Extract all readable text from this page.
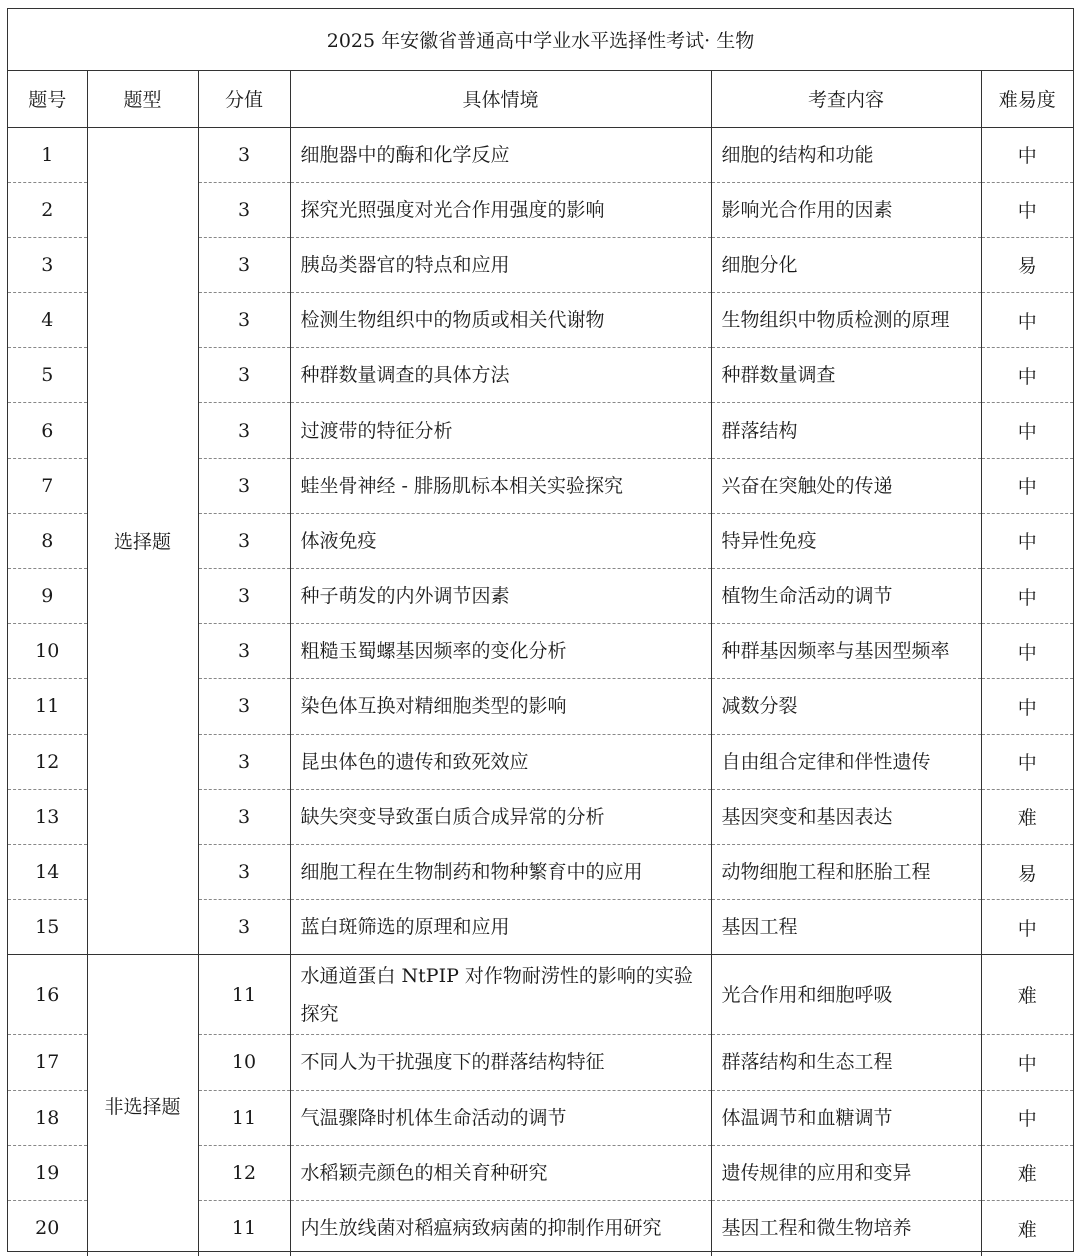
2025 年安徽省普通高中学业水平选择性考试· 生物
题号	题型	分值	具体情境	考查内容	难易度
1	选择题	3	细胞器中的酶和化学反应	细胞的结构和功能	中
2		3	探究光照强度对光合作用强度的影响	影响光合作用的因素	中
3		3	胰岛类器官的特点和应用	细胞分化	易
4		3	检测生物组织中的物质或相关代谢物	生物组织中物质检测的原理	中
5		3	种群数量调查的具体方法	种群数量调查	中
6		3	过渡带的特征分析	群落结构	中
7		3	蛙坐骨神经 - 腓肠肌标本相关实验探究	兴奋在突触处的传递	中
8		3	体液免疫	特异性免疫	中
9		3	种子萌发的内外调节因素	植物生命活动的调节	中
10		3	粗糙玉蜀螺基因频率的变化分析	种群基因频率与基因型频率	中
11		3	染色体互换对精细胞类型的影响	减数分裂	中
12		3	昆虫体色的遗传和致死效应	自由组合定律和伴性遗传	中
13		3	缺失突变导致蛋白质合成异常的分析	基因突变和基因表达	难
14		3	细胞工程在生物制药和物种繁育中的应用	动物细胞工程和胚胎工程	易
15		3	蓝白斑筛选的原理和应用	基因工程	中
16	非选择题	11	水通道蛋白 NtPIP 对作物耐涝性的影响的实验探究	光合作用和细胞呼吸	难
17		10	不同人为干扰强度下的群落结构特征	群落结构和生态工程	中
18		11	气温骤降时机体生命活动的调节	体温调节和血糖调节	中
19		12	水稻颖壳颜色的相关育种研究	遗传规律的应用和变异	难
20		11	内生放线菌对稻瘟病致病菌的抑制作用研究	基因工程和微生物培养	难
